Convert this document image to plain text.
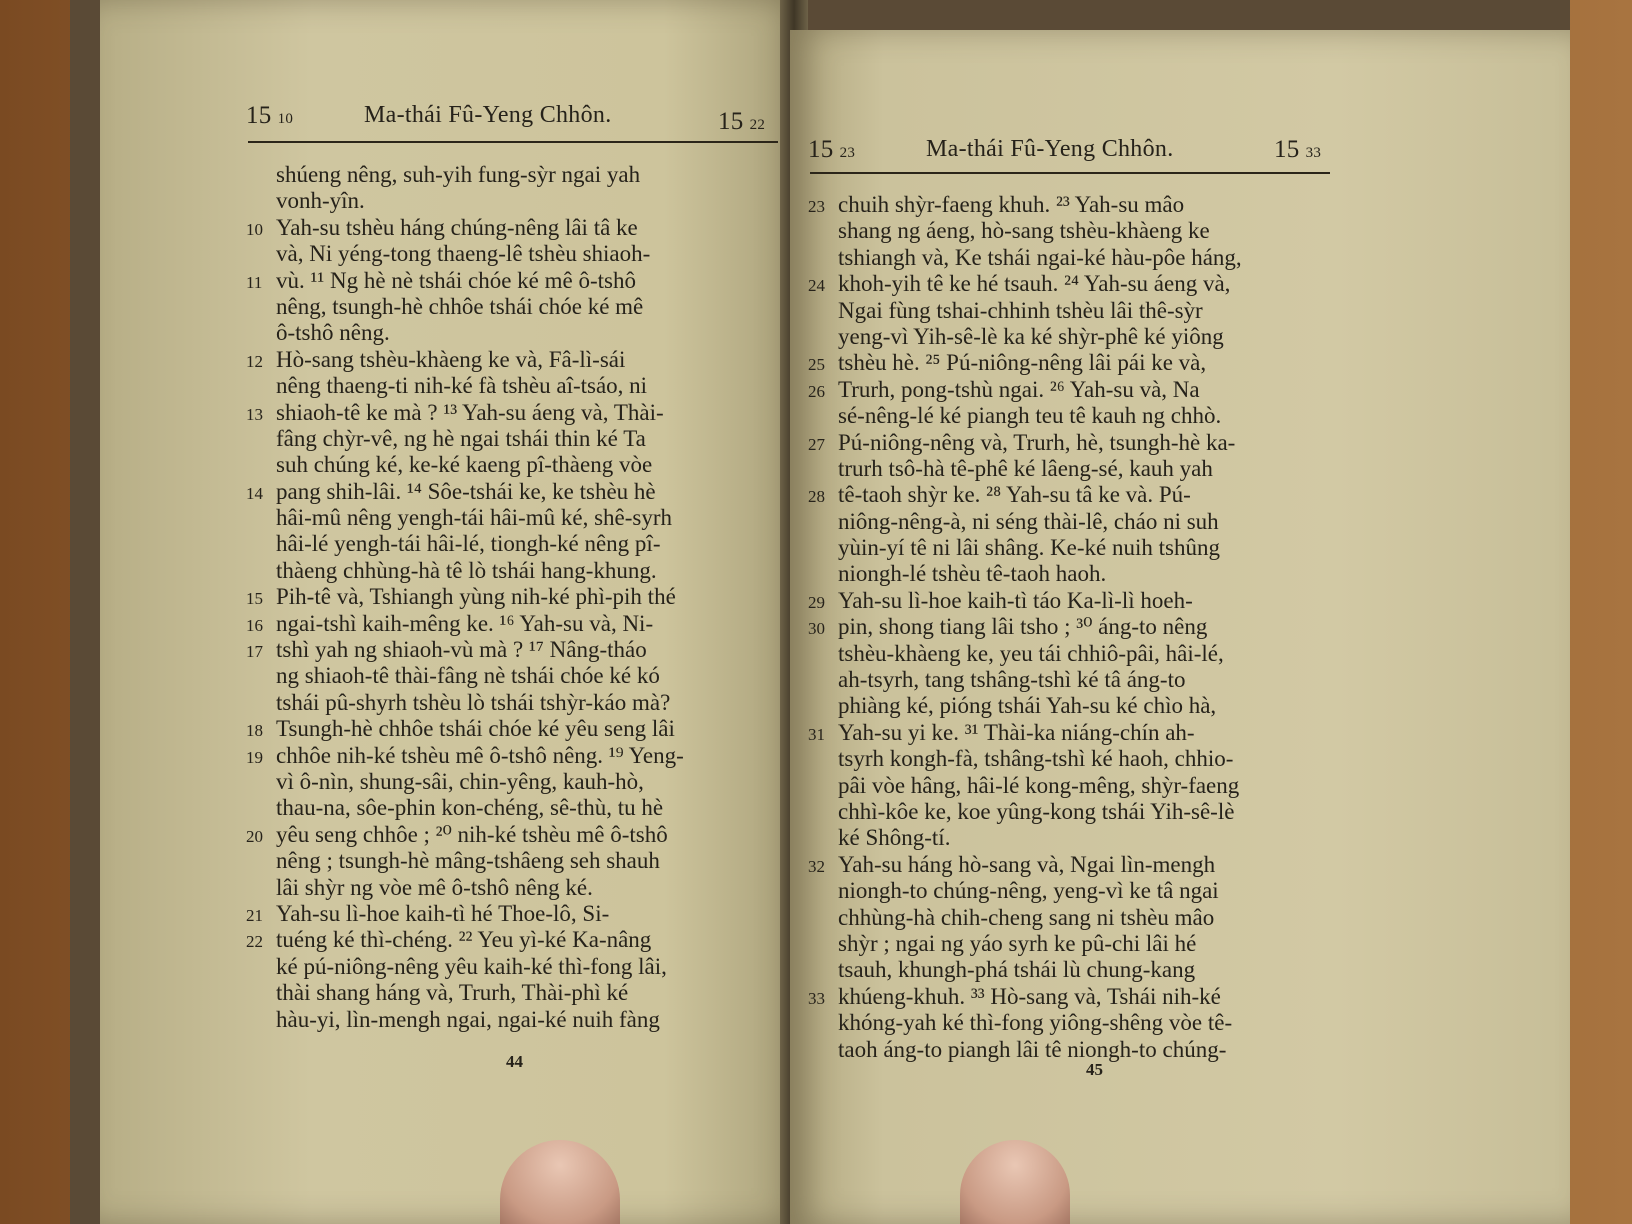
15 10	Ma-thái Fû-Yeng Chhôn.	15 22
shúeng nêng, suh-yih fung-sỳr ngai yah
vonh-yîn.
10 Yah-su tshèu háng chúng-nêng lâi tâ ke
và, Ni yéng-tong thaeng-lê tshèu shiaoh-
11 vù. ¹¹ Ng hè nè tshái chóe ké mê ô-tshô
nêng, tsungh-hè chhôe tshái chóe ké mê
ô-tshô nêng.
12 Hò-sang tshèu-khàeng ke và, Fâ-lì-sái
nêng thaeng-ti nih-ké fà tshèu aî-tsáo, ni
13 shiaoh-tê ke mà ? ¹³ Yah-su áeng và, Thài-
fâng chỳr-vê, ng hè ngai tshái thin ké Ta
suh chúng ké, ke-ké kaeng pî-thàeng vòe
14 pang shih-lâi. ¹⁴ Sôe-tshái ke, ke tshèu hè
hâi-mû nêng yengh-tái hâi-mû ké, shê-syrh
hâi-lé yengh-tái hâi-lé, tiongh-ké nêng pî-
thàeng chhùng-hà tê lò tshái hang-khung.
15 Pih-tê và, Tshiangh yùng nih-ké phì-pih thé
16 ngai-tshì kaih-mêng ke. ¹⁶ Yah-su và, Ni-
17 tshì yah ng shiaoh-vù mà ? ¹⁷ Nâng-tháo
ng shiaoh-tê thài-fâng nè tshái chóe ké kó
tshái pû-shyrh tshèu lò tshái tshỳr-káo mà?
18 Tsungh-hè chhôe tshái chóe ké yêu seng lâi
19 chhôe nih-ké tshèu mê ô-tshô nêng. ¹⁹ Yeng-
vì ô-nìn, shung-sâi, chin-yêng, kauh-hò,
thau-na, sôe-phin kon-chéng, sê-thù, tu hè
20 yêu seng chhôe ; ²⁰ nih-ké tshèu mê ô-tshô
nêng ; tsungh-hè mâng-tshâeng seh shauh
lâi shỳr ng vòe mê ô-tshô nêng ké.
21 Yah-su lì-hoe kaih-tì hé Thoe-lô, Si-
22 tuéng ké thì-chéng. ²² Yeu yì-ké Ka-nâng
ké pú-niông-nêng yêu kaih-ké thì-fong lâi,
thài shang háng và, Trurh, Thài-phì ké
hàu-yi, lìn-mengh ngai, ngai-ké nuih fàng
44
15 23	Ma-thái Fû-Yeng Chhôn.	15 33
23 chuih shỳr-faeng khuh. ²³ Yah-su mâo
shang ng áeng, hò-sang tshèu-khàeng ke
tshiangh và, Ke tshái ngai-ké hàu-pôe háng,
24 khoh-yih tê ke hé tsauh. ²⁴ Yah-su áeng và,
Ngai fùng tshai-chhinh tshèu lâi thê-sỳr
yeng-vì Yih-sê-lè ka ké shỳr-phê ké yiông
25 tshèu hè. ²⁵ Pú-niông-nêng lâi pái ke và,
26 Trurh, pong-tshù ngai. ²⁶ Yah-su và, Na
sé-nêng-lé ké piangh teu tê kauh ng chhò.
27 Pú-niông-nêng và, Trurh, hè, tsungh-hè ka-
trurh tsô-hà tê-phê ké lâeng-sé, kauh yah
28 tê-taoh shỳr ke. ²⁸ Yah-su tâ ke và. Pú-
niông-nêng-à, ni séng thài-lê, cháo ni suh
yùin-yí tê ni lâi shâng. Ke-ké nuih tshûng
niongh-lé tshèu tê-taoh haoh.
29 Yah-su lì-hoe kaih-tì táo Ka-lì-lì hoeh-
30 pin, shong tiang lâi tsho ; ³⁰ áng-to nêng
tshèu-khàeng ke, yeu tái chhiô-pâi, hâi-lé,
ah-tsyrh, tang tshâng-tshì ké tâ áng-to
phiàng ké, pióng tshái Yah-su ké chìo hà,
31 Yah-su yi ke. ³¹ Thài-ka niáng-chín ah-
tsyrh kongh-fà, tshâng-tshì ké haoh, chhio-
pâi vòe hâng, hâi-lé kong-mêng, shỳr-faeng
chhì-kôe ke, koe yûng-kong tshái Yih-sê-lè
ké Shông-tí.
32 Yah-su háng hò-sang và, Ngai lìn-mengh
niongh-to chúng-nêng, yeng-vì ke tâ ngai
chhùng-hà chih-cheng sang ni tshèu mâo
shỳr ; ngai ng yáo syrh ke pû-chi lâi hé
tsauh, khungh-phá tshái lù chung-kang
33 khúeng-khuh. ³³ Hò-sang và, Tshái nih-ké
khóng-yah ké thì-fong yiông-shêng vòe tê-
taoh áng-to piangh lâi tê niongh-to chúng-
45
